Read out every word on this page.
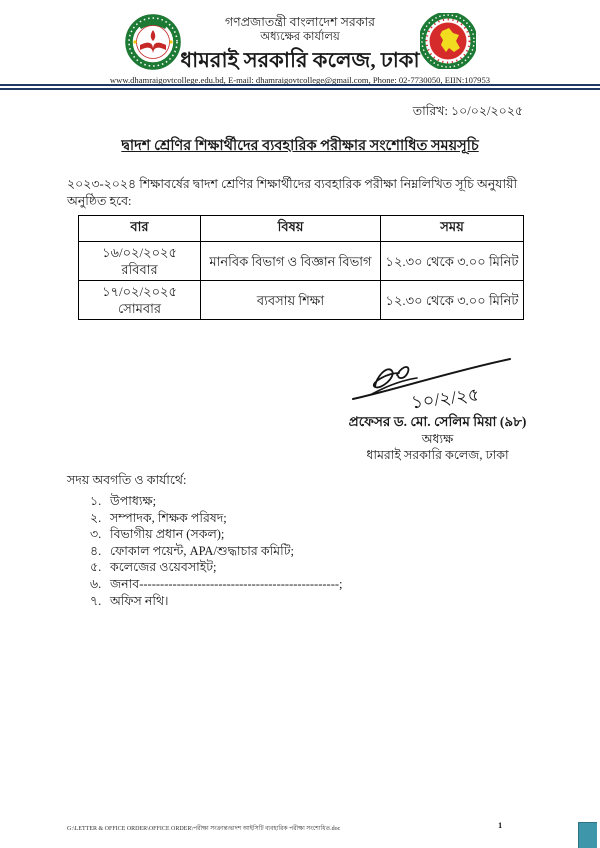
গণপ্রজাতন্ত্রী বাংলাদেশ সরকার
অধ্যক্ষের কার্যালয়
ধামরাই সরকারি কলেজ, ঢাকা
www.dhamraigovtcollege.edu.bd, E-mail: dhamraigovtcollege@gmail.com, Phone: 02-7730050, EIIN:107953
তারিখ: ১০/০২/২০২৫
দ্বাদশ শ্রেণির শিক্ষার্থীদের ব্যবহারিক পরীক্ষার সংশোধিত সময়সূচি
২০২৩-২০২৪ শিক্ষাবর্ষের দ্বাদশ শ্রেণির শিক্ষার্থীদের ব্যবহারিক পরীক্ষা নিম্নলিখিত সূচি অনুযায়ী অনুষ্ঠিত হবে:
বার	বিষয়	সময়

১৬/০২/২০২৫
রবিবার	মানবিক বিভাগ ও বিজ্ঞান বিভাগ	১২.৩০ থেকে ৩.০০ মিনিট

১৭/০২/২০২৫
সোমবার	ব্যবসায় শিক্ষা	১২.৩০ থেকে ৩.০০ মিনিট
১০/২/২৫
প্রফেসর ড. মো. সেলিম মিয়া (৯৮)
অধ্যক্ষ
ধামরাই সরকারি কলেজ, ঢাকা
সদয় অবগতি ও কার্যার্থে:
১. উপাধ্যক্ষ;
২. সম্পাদক, শিক্ষক পরিষদ;
৩. বিভাগীয় প্রধান (সকল);
৪. ফোকাল পয়েন্ট, APA/শুদ্ধাচার কমিটি;
৫. কলেজের ওয়েবসাইট;
৬. জনাব------------------------------------------------;
৭. অফিস নথি।
G:\LETTER & OFFICE ORDER\OFFICE ORDER\পরীক্ষা সংক্রান্ত\দ্বাদশ আইসিটি ব্যবহারিক পরীক্ষা সংশোধিত.doc	1
